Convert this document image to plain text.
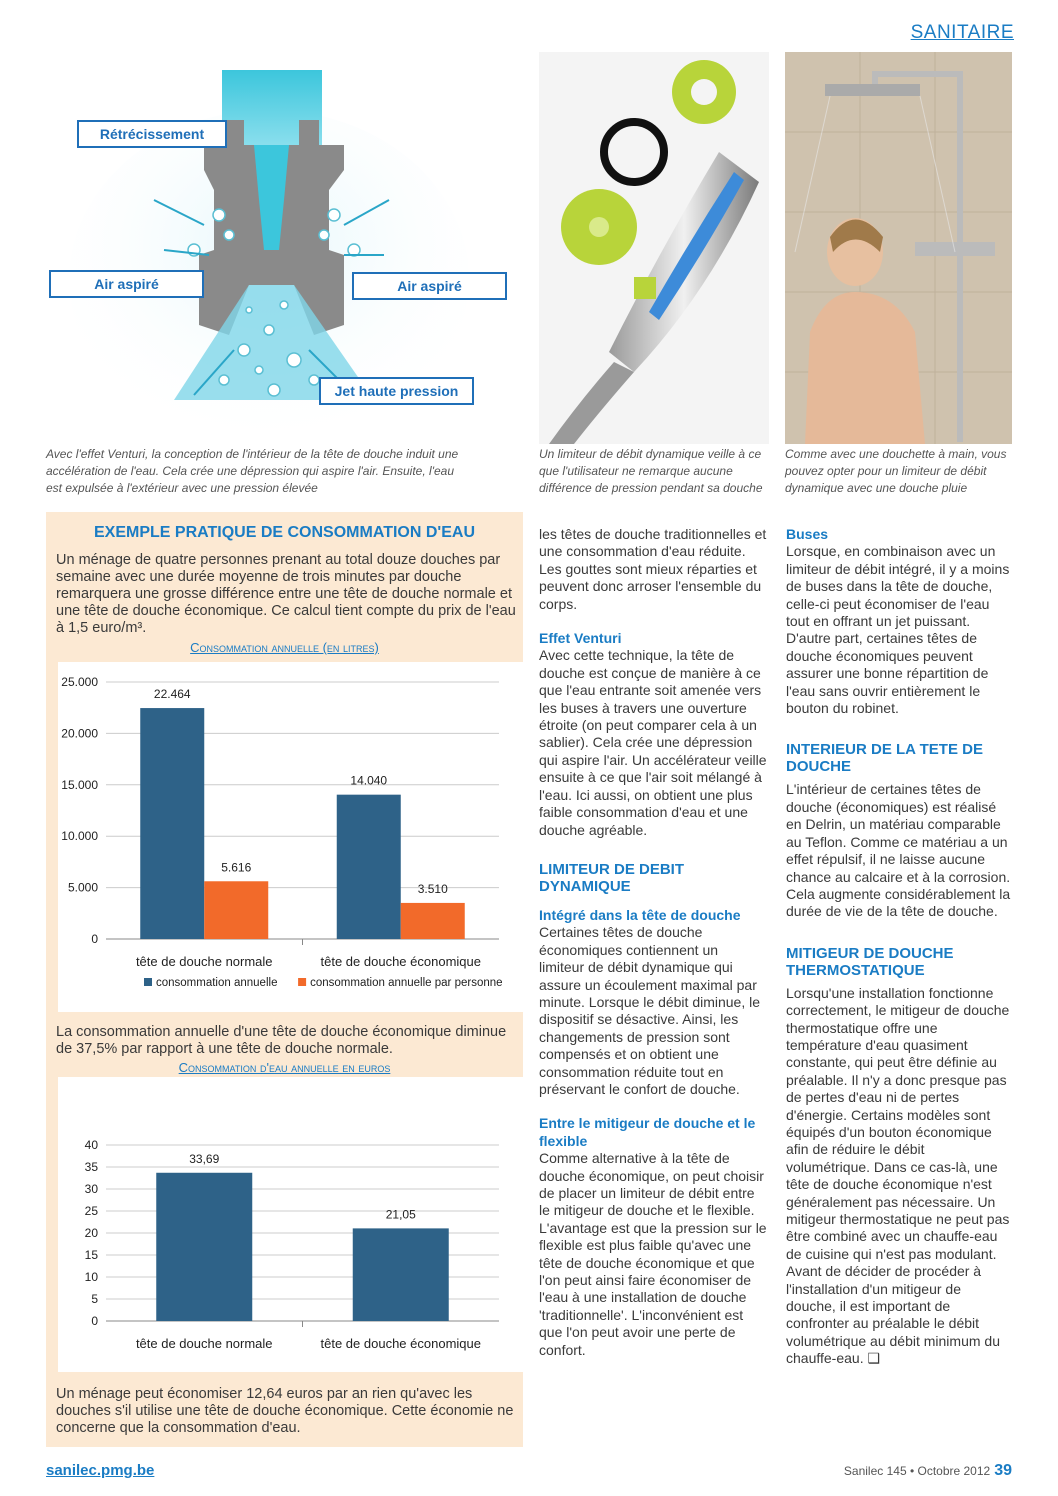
SANITAIRE
Rétrécissement
Air aspiré	Air aspiré
Jet haute pression
Avec l'effet Venturi, la conception de l'intérieur de la tête de douche induit une accélération de l'eau. Cela crée une dépression qui aspire l'air. Ensuite, l'eau est expulsée à l'extérieur avec une pression élevée
Un limiteur de débit dynamique veille à ce que l'utilisateur ne remarque aucune différence de pression pendant sa douche
Comme avec une douchette à main, vous pouvez opter pour un limiteur de débit dynamique avec une douche pluie
EXEMPLE PRATIQUE DE CONSOMMATION D'EAU
Un ménage de quatre personnes prenant au total douze douches par semaine avec une durée moyenne de trois minutes par douche remarquera une grosse différence entre une tête de douche normale et une tête de douche économique. Ce calcul tient compte du prix de l'eau à 1,5 euro/m³.
Consommation annuelle (en litres)
0
5.000
10.000
15.000
20.000
25.000
22.464
5.616
tête de douche normale
14.040
3.510
tête de douche économique
consommation annuelle	consommation annuelle par personne
La consommation annuelle d'une tête de douche économique diminue de 37,5% par rapport à une tête de douche normale.
Consommation d'eau annuelle en euros
0
5
10
15
20
25
30
35
40
33,69
tête de douche normale
21,05
tête de douche économique
Un ménage peut économiser 12,64 euros par an rien qu'avec les douches s'il utilise une tête de douche économique. Cette économie ne concerne que la consommation d'eau.

les têtes de douche traditionnelles et une consommation d'eau réduite. Les gouttes sont mieux réparties et peuvent donc arroser l'ensemble du corps.

Effet Venturi

Avec cette technique, la tête de douche est conçue de manière à ce que l'eau entrante soit amenée vers les buses à travers une ouverture étroite (on peut comparer cela à un sablier). Cela crée une dépression qui aspire l'air. Un accélérateur veille ensuite à ce que l'air soit mélangé à l'eau. Ici aussi, on obtient une plus faible consommation d'eau et une douche agréable.

LIMITEUR DE DEBIT DYNAMIQUE

Intégré dans la tête de douche

Certaines têtes de douche économiques contiennent un limiteur de débit dynamique qui assure un écoulement maximal par minute. Lorsque le débit diminue, le dispositif se désactive. Ainsi, les changements de pression sont compensés et on obtient une consommation réduite tout en préservant le confort de douche.

Entre le mitigeur de douche et le flexible

Comme alternative à la tête de douche économique, on peut choisir de placer un limiteur de débit entre le mitigeur de douche et le flexible. L'avantage est que la pression sur le flexible est plus faible qu'avec une tête de douche économique et que l'on peut ainsi faire économiser de l'eau à une installation de douche 'traditionnelle'. L'inconvénient est que l'on peut avoir une perte de confort.

Buses

Lorsque, en combinaison avec un limiteur de débit intégré, il y a moins de buses dans la tête de douche, celle-ci peut économiser de l'eau tout en offrant un jet puissant. D'autre part, certaines têtes de douche économiques peuvent assurer une bonne répartition de l'eau sans ouvrir entièrement le bouton du robinet.

INTERIEUR DE LA TETE DE DOUCHE

L'intérieur de certaines têtes de douche (économiques) est réalisé en Delrin, un matériau comparable au Teflon. Comme ce matériau a un effet répulsif, il ne laisse aucune chance au calcaire et à la corrosion. Cela augmente considérablement la durée de vie de la tête de douche.

MITIGEUR DE DOUCHE THERMOSTATIQUE

Lorsqu'une installation fonctionne correctement, le mitigeur de douche thermostatique offre une température d'eau quasiment constante, qui peut être définie au préalable. Il n'y a donc presque pas de pertes d'eau ni de pertes d'énergie. Certains modèles sont équipés d'un bouton économique afin de réduire le débit volumétrique. Dans ce cas-là, une tête de douche économique n'est généralement pas nécessaire. Un mitigeur thermostatique ne peut pas être combiné avec un chauffe-eau de cuisine qui n'est pas modulant. Avant de décider de procéder à l'installation d'un mitigeur de douche, il est important de confronter au préalable le débit volumétrique au débit minimum du chauffe-eau. ❑

sanilec.pmg.be	Sanilec 145 • Octobre 2012 39
